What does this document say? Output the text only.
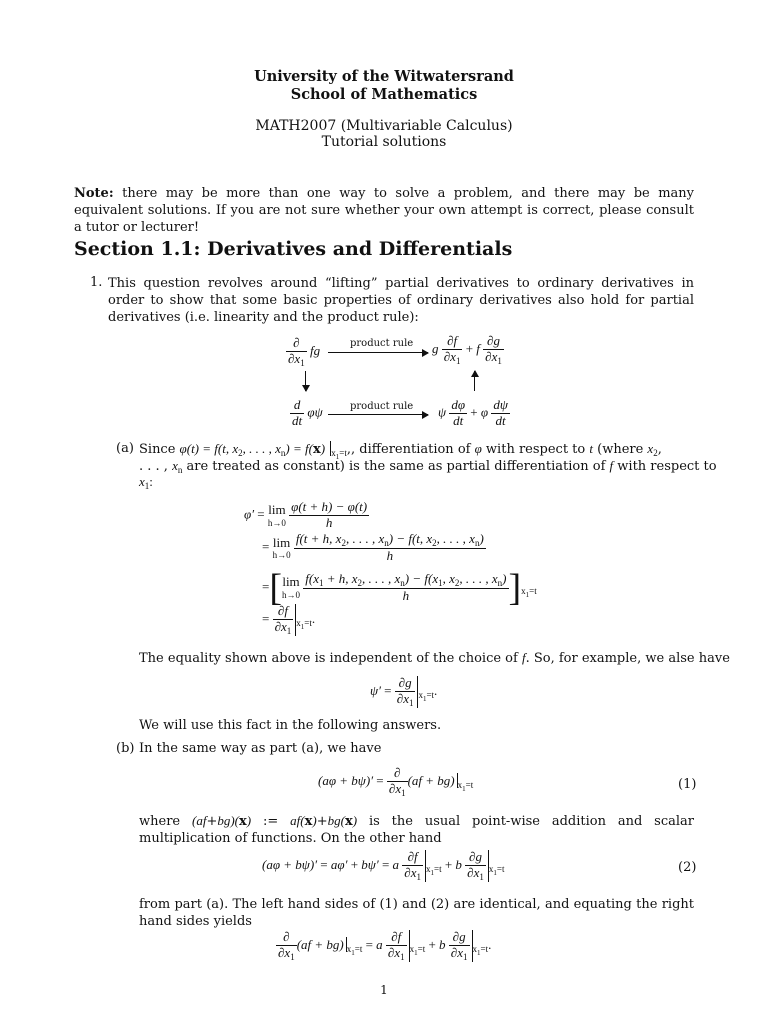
University of the Witwatersrand
School of Mathematics
MATH2007 (Multivariable Calculus)
Tutorial solutions
Note: there may be more than one way to solve a problem, and there may be many equivalent solutions. If you are not sure whether your own attempt is correct, please consult a tutor or lecturer!
Section 1.1: Derivatives and Differentials
1. This question revolves around “lifting” partial derivatives to ordinary derivatives in order to show that some basic properties of ordinary derivatives also hold for partial derivatives (i.e. linearity and the product rule):
$\frac{\partial}{\partial x_1}$ fg	product rule g $\frac{\partial f}{\partial x_1} + f \frac{\partial g}{\partial x_1}$
$\frac{d}{dt}$ φψ	product rule ψ $\frac{d\varphi}{dt} + \varphi \frac{d\psi}{dt}$
(a) Since φ(t) = f(t, $x_2$, . . . , $x_n) = f(x)$ $_{x_1=t}$,, differentiation of φ with respect to t (where $x_2$,
. . . , $x_n$ are treated as constant) is the same as partial differentiation of f with respect to
$x_1$:
φ′ = lim
h→0
$\frac{\varphi(t + h) - \varphi(t)}{h}$
= lim
h→0
$\frac{f(t + h, x_2, . . . , x_n) - f(t, x_2, . . . , x_n)}{h}$
=[ lim
h→0
$\frac{f(x_1 + h, x_2, . . . , x_n) - f(x_1, x_2, . . . , x_n)}{h} ]_{x_1=t}$
= $\frac{\partial f}{\partial x_1} _{x_1=t}$.
The equality shown above is independent of the choice of f. So, for example, we alse have
$\psi' = \frac{\partial g}{\partial x_1} _{x_1=t}$.
We will use this fact in the following answers.
(b) In the same way as part (a), we have
$(a\varphi + b\psi)' = \frac{\partial}{\partial x_1} (af + bg)$ $_{x_1=t}$	(1)
where (af+bg)(x) := af(x)+bg(x) is the usual point-wise addition and scalar multiplication of functions. On the other hand
(aφ + bψ)′ = aφ′ + bψ′ = a $\frac{\partial f}{\partial x_1} _{x_1=t} + b \frac{\partial g}{\partial x_1} _{x_1=t}$	(2)
from part (a). The left hand sides of (1) and (2) are identical, and equating the right hand sides yields
$\frac{\partial}{\partial x_1} (af + bg) _{x_1=t} = a \frac{\partial f}{\partial x_1} _{x_1=t} + b \frac{\partial g}{\partial x_1} _{x_1=t}$.
1
